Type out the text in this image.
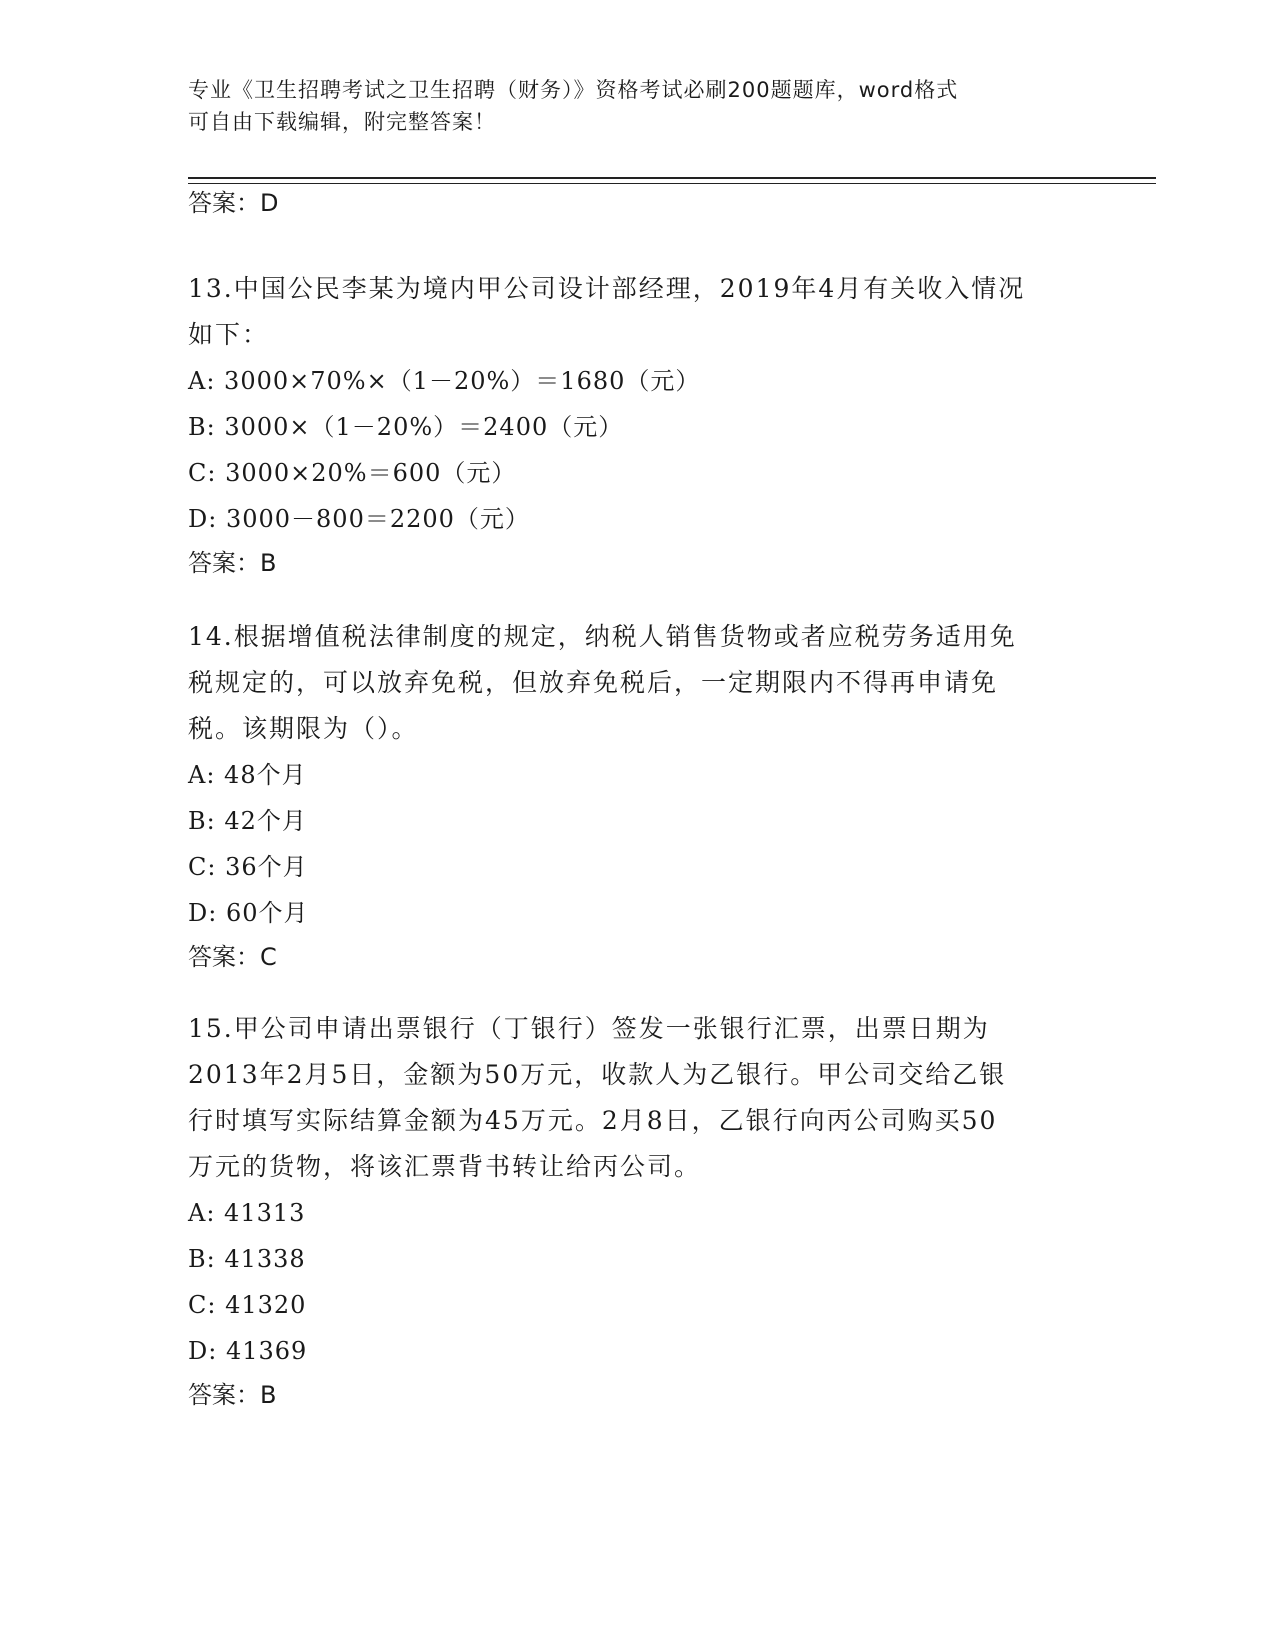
专业《卫生招聘考试之卫生招聘（财务）》资格考试必刷200题题库，word格式
可自由下载编辑，附完整答案！
答案：D
13.中国公民李某为境内甲公司设计部经理，2019年4月有关收入情况
如下：
A: 3000×70%×（1－20%）＝1680（元）
B: 3000×（1－20%）＝2400（元）
C: 3000×20%＝600（元）
D: 3000－800＝2200（元）
答案：B
14.根据增值税法律制度的规定，纳税人销售货物或者应税劳务适用免
税规定的，可以放弃免税，但放弃免税后，一定期限内不得再申请免
税。该期限为（）。
A: 48个月
B: 42个月
C: 36个月
D: 60个月
答案：C
15.甲公司申请出票银行（丁银行）签发一张银行汇票，出票日期为
2013年2月5日，金额为50万元，收款人为乙银行。甲公司交给乙银
行时填写实际结算金额为45万元。2月8日，乙银行向丙公司购买50
万元的货物，将该汇票背书转让给丙公司。
A: 41313
B: 41338
C: 41320
D: 41369
答案：B
